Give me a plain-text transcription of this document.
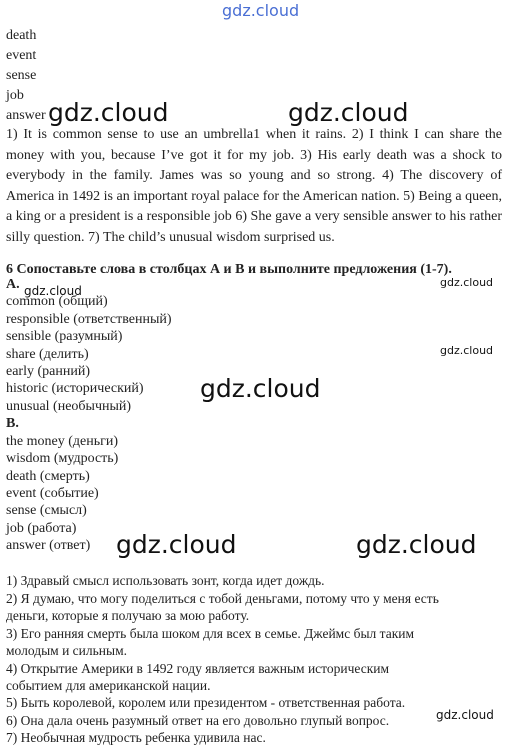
gdz.cloud
gdz.cloud	gdz.cloud
gdz.cloud
gdz.cloud
gdz.cloud
gdz.cloud
gdz.cloud	gdz.cloud
gdz.cloud
death
event
sense
job
answer
1) It is common sense to use an umbrella1 when it rains. 2) I think I can share the money with you, because I’ve got it for my job. 3) His early death was a shock to everybody in the family. James was so young and so strong. 4) The discovery of America in 1492 is an important royal palace for the American nation. 5) Being a queen, a king or a president is a responsible job 6) She gave a very sensible answer to his rather silly question. 7) The child’s unusual wisdom surprised us.
6 Сопоставьте слова в столбцах А и В и выполните предложения (1-7).
A.
common (общий)
responsible (ответственный)
sensible (разумный)
share (делить)
early (ранний)
historic (исторический)
unusual (необычный)
B.
the money (деньги)
wisdom (мудрость)
death (смерть)
event (событие)
sense (смысл)
job (работа)
answer (ответ)
1) Здравый смысл использовать зонт, когда идет дождь.
2) Я думаю, что могу поделиться с тобой деньгами, потому что у меня есть
деньги, которые я получаю за мою работу.
3) Его ранняя смерть была шоком для всех в семье. Джеймс был таким
молодым и сильным.
4) Открытие Америки в 1492 году является важным историческим
событием для американской нации.
5) Быть королевой, королем или президентом - ответственная работа.
6) Она дала очень разумный ответ на его довольно глупый вопрос.
7) Необычная мудрость ребенка удивила нас.
